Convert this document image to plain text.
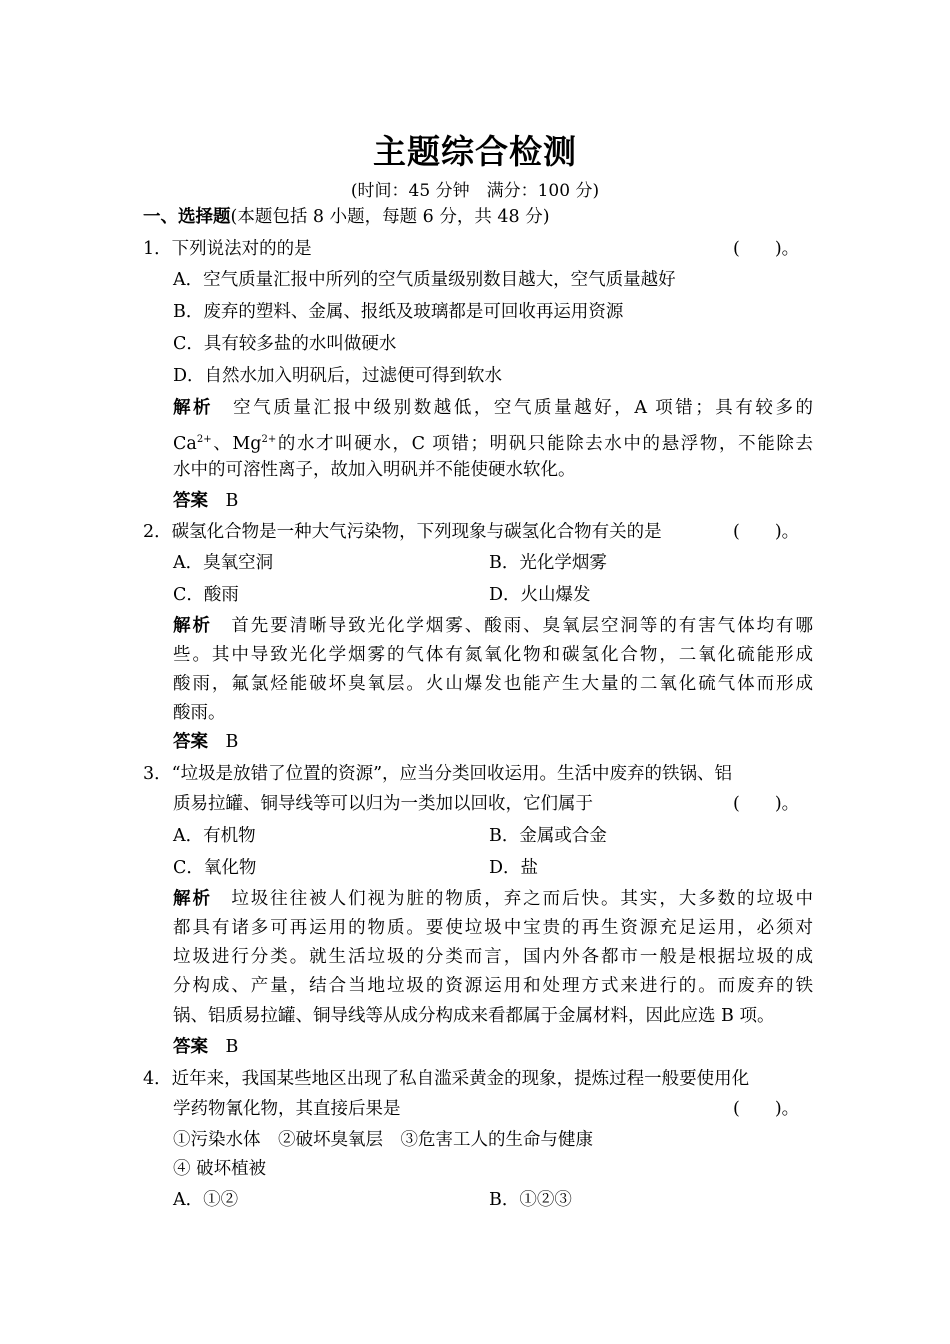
主题综合检测
(时间：45 分钟　满分：100 分)
一、选择题(本题包括 8 小题，每题 6 分，共 48 分)
1．下列说法对的的是	(　　)。
A．空气质量汇报中所列的空气质量级别数目越大，空气质量越好
B．废弃的塑料、金属、报纸及玻璃都是可回收再运用资源
C．具有较多盐的水叫做硬水
D．自然水加入明矾后，过滤便可得到软水
解析　空气质量汇报中级别数越低，空气质量越好，A 项错；具有较多的
$Ca^{2+}$、$Mg^{2+}$的水才叫硬水，C 项错；明矾只能除去水中的悬浮物，不能除去
水中的可溶性离子，故加入明矾并不能使硬水软化。
答案　 B
2．碳氢化合物是一种大气污染物，下列现象与碳氢化合物有关的是	(　　)。
A．臭氧空洞	B．光化学烟雾
C．酸雨	D．火山爆发
解析　首先要清晰导致光化学烟雾、酸雨、臭氧层空洞等的有害气体均有哪
些。其中导致光化学烟雾的气体有氮氧化物和碳氢化合物，二氧化硫能形成
酸雨，氟氯烃能破坏臭氧层。火山爆发也能产生大量的二氧化硫气体而形成
酸雨。
答案　 B
3．“垃圾是放错了位置的资源”，应当分类回收运用。生活中废弃的铁锅、铝
质易拉罐、铜导线等可以归为一类加以回收，它们属于	(　　)。
A．有机物	B．金属或合金
C．氧化物	D．盐
解析　垃圾往往被人们视为脏的物质，弃之而后快。其实，大多数的垃圾中
都具有诸多可再运用的物质。要使垃圾中宝贵的再生资源充足运用，必须对
垃圾进行分类。就生活垃圾的分类而言，国内外各都市一般是根据垃圾的成
分构成、产量，结合当地垃圾的资源运用和处理方式来进行的。而废弃的铁
锅、铝质易拉罐、铜导线等从成分构成来看都属于金属材料，因此应选 B 项。
答案　 B
4．近年来，我国某些地区出现了私自滥采黄金的现象，提炼过程一般要使用化
学药物氰化物，其直接后果是	(　　)。
①污染水体　②破坏臭氧层　③危害工人的生命与健康
④ 破坏植被
A．①②	B．①②③
